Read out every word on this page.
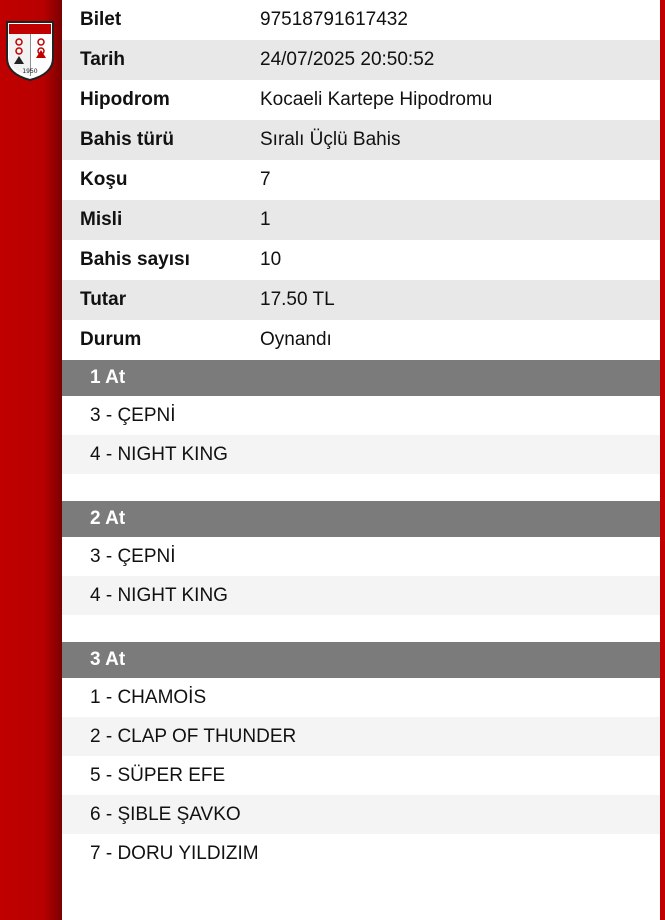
1950
Bilet	97518791617432
Tarih	24/07/2025 20:50:52
Hipodrom	Kocaeli Kartepe Hipodromu
Bahis türü	Sıralı Üçlü Bahis
Koşu	7
Misli	1
Bahis sayısı	10
Tutar	17.50 TL
Durum	Oynandı
1 At
3 - ÇEPNİ
4 - NIGHT KING
2 At
3 - ÇEPNİ
4 - NIGHT KING
3 At
1 - CHAMOİS
2 - CLAP OF THUNDER
5 - SÜPER EFE
6 - ŞIBLE ŞAVKO
7 - DORU YILDIZIM
